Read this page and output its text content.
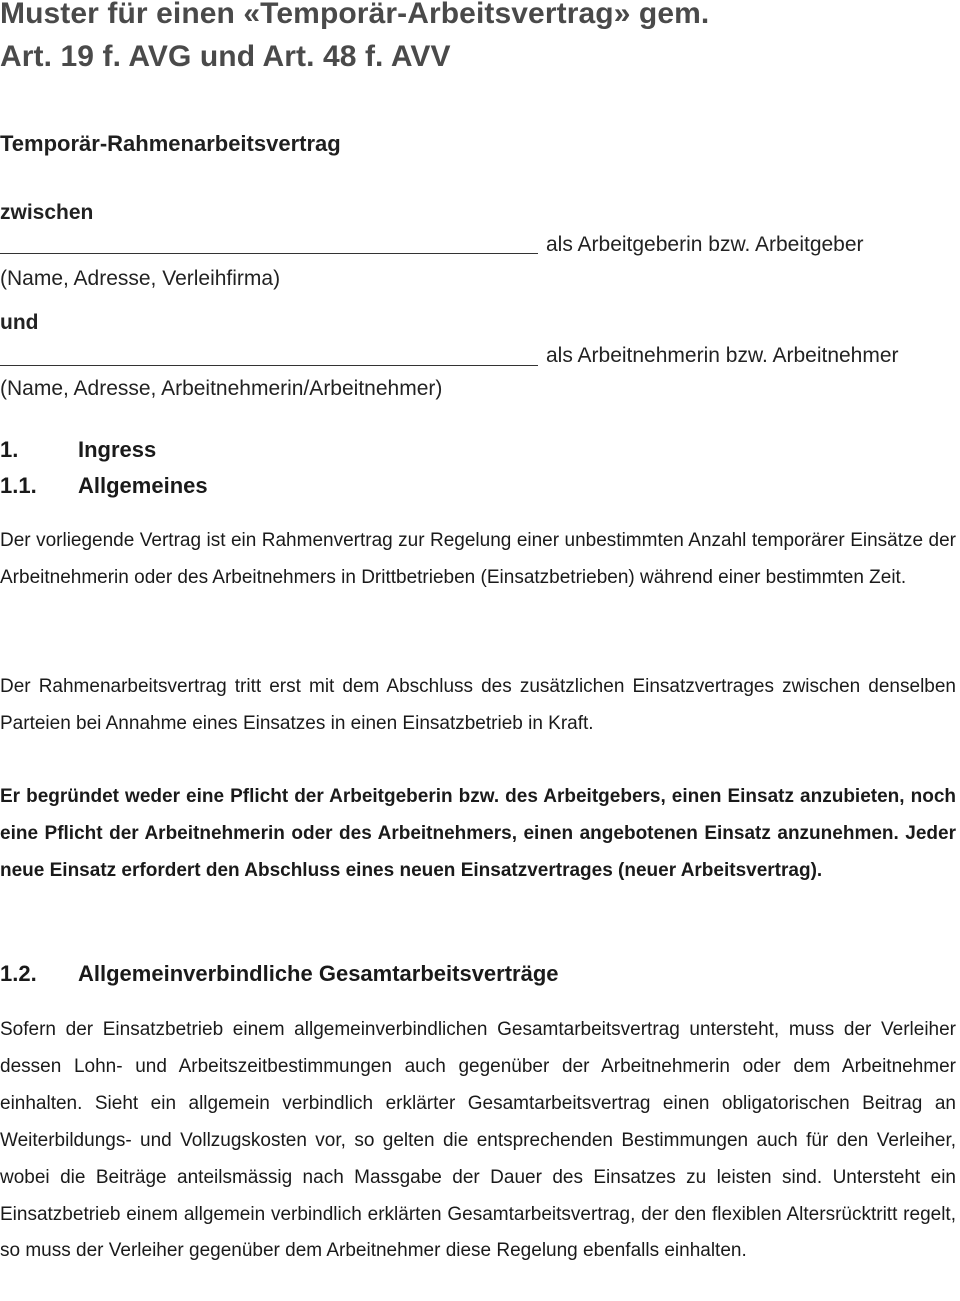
Muster für einen «Temporär-Arbeitsvertrag» gem.
Art. 19 f. AVG und Art. 48 f. AVV
Temporär-Rahmenarbeitsvertrag
zwischen
als Arbeitgeberin bzw. Arbeitgeber
(Name, Adresse, Verleihfirma)
und
als Arbeitnehmerin bzw. Arbeitnehmer
(Name, Adresse, Arbeitnehmerin/Arbeitnehmer)
1.	Ingress
1.1. Allgemeines
Der vorliegende Vertrag ist ein Rahmenvertrag zur Regelung einer unbestimmten Anzahl temporärer Einsätze der Arbeitnehmerin oder des Arbeitnehmers in Drittbetrieben (Einsatzbetrieben) während einer bestimmten Zeit.
Der Rahmenarbeitsvertrag tritt erst mit dem Abschluss des zusätzlichen Einsatzvertrages zwischen denselben Parteien bei Annahme eines Einsatzes in einen Einsatzbetrieb in Kraft.
Er begründet weder eine Pflicht der Arbeitgeberin bzw. des Arbeitgebers, einen Einsatz anzubieten, noch eine Pflicht der Arbeitnehmerin oder des Arbeitnehmers, einen angebotenen Einsatz anzunehmen. Jeder neue Einsatz erfordert den Abschluss eines neuen Einsatzvertrages (neuer Arbeitsvertrag).
1.2. Allgemeinverbindliche Gesamtarbeitsverträge
Sofern der Einsatzbetrieb einem allgemeinverbindlichen Gesamtarbeitsvertrag untersteht, muss der Verleiher dessen Lohn- und Arbeitszeitbestimmungen auch gegenüber der Arbeitnehmerin oder dem Arbeitnehmer einhalten. Sieht ein allgemein verbindlich erklärter Gesamtarbeitsvertrag einen obligatorischen Beitrag an Weiterbildungs- und Vollzugskosten vor, so gelten die entsprechenden Bestimmungen auch für den Verleiher, wobei die Beiträge anteilsmässig nach Massgabe der Dauer des Einsatzes zu leisten sind. Untersteht ein Einsatzbetrieb einem allgemein verbindlich erklärten Gesamtarbeitsvertrag, der den flexiblen Altersrücktritt regelt, so muss der Verleiher gegenüber dem Arbeitnehmer diese Regelung ebenfalls einhalten.
